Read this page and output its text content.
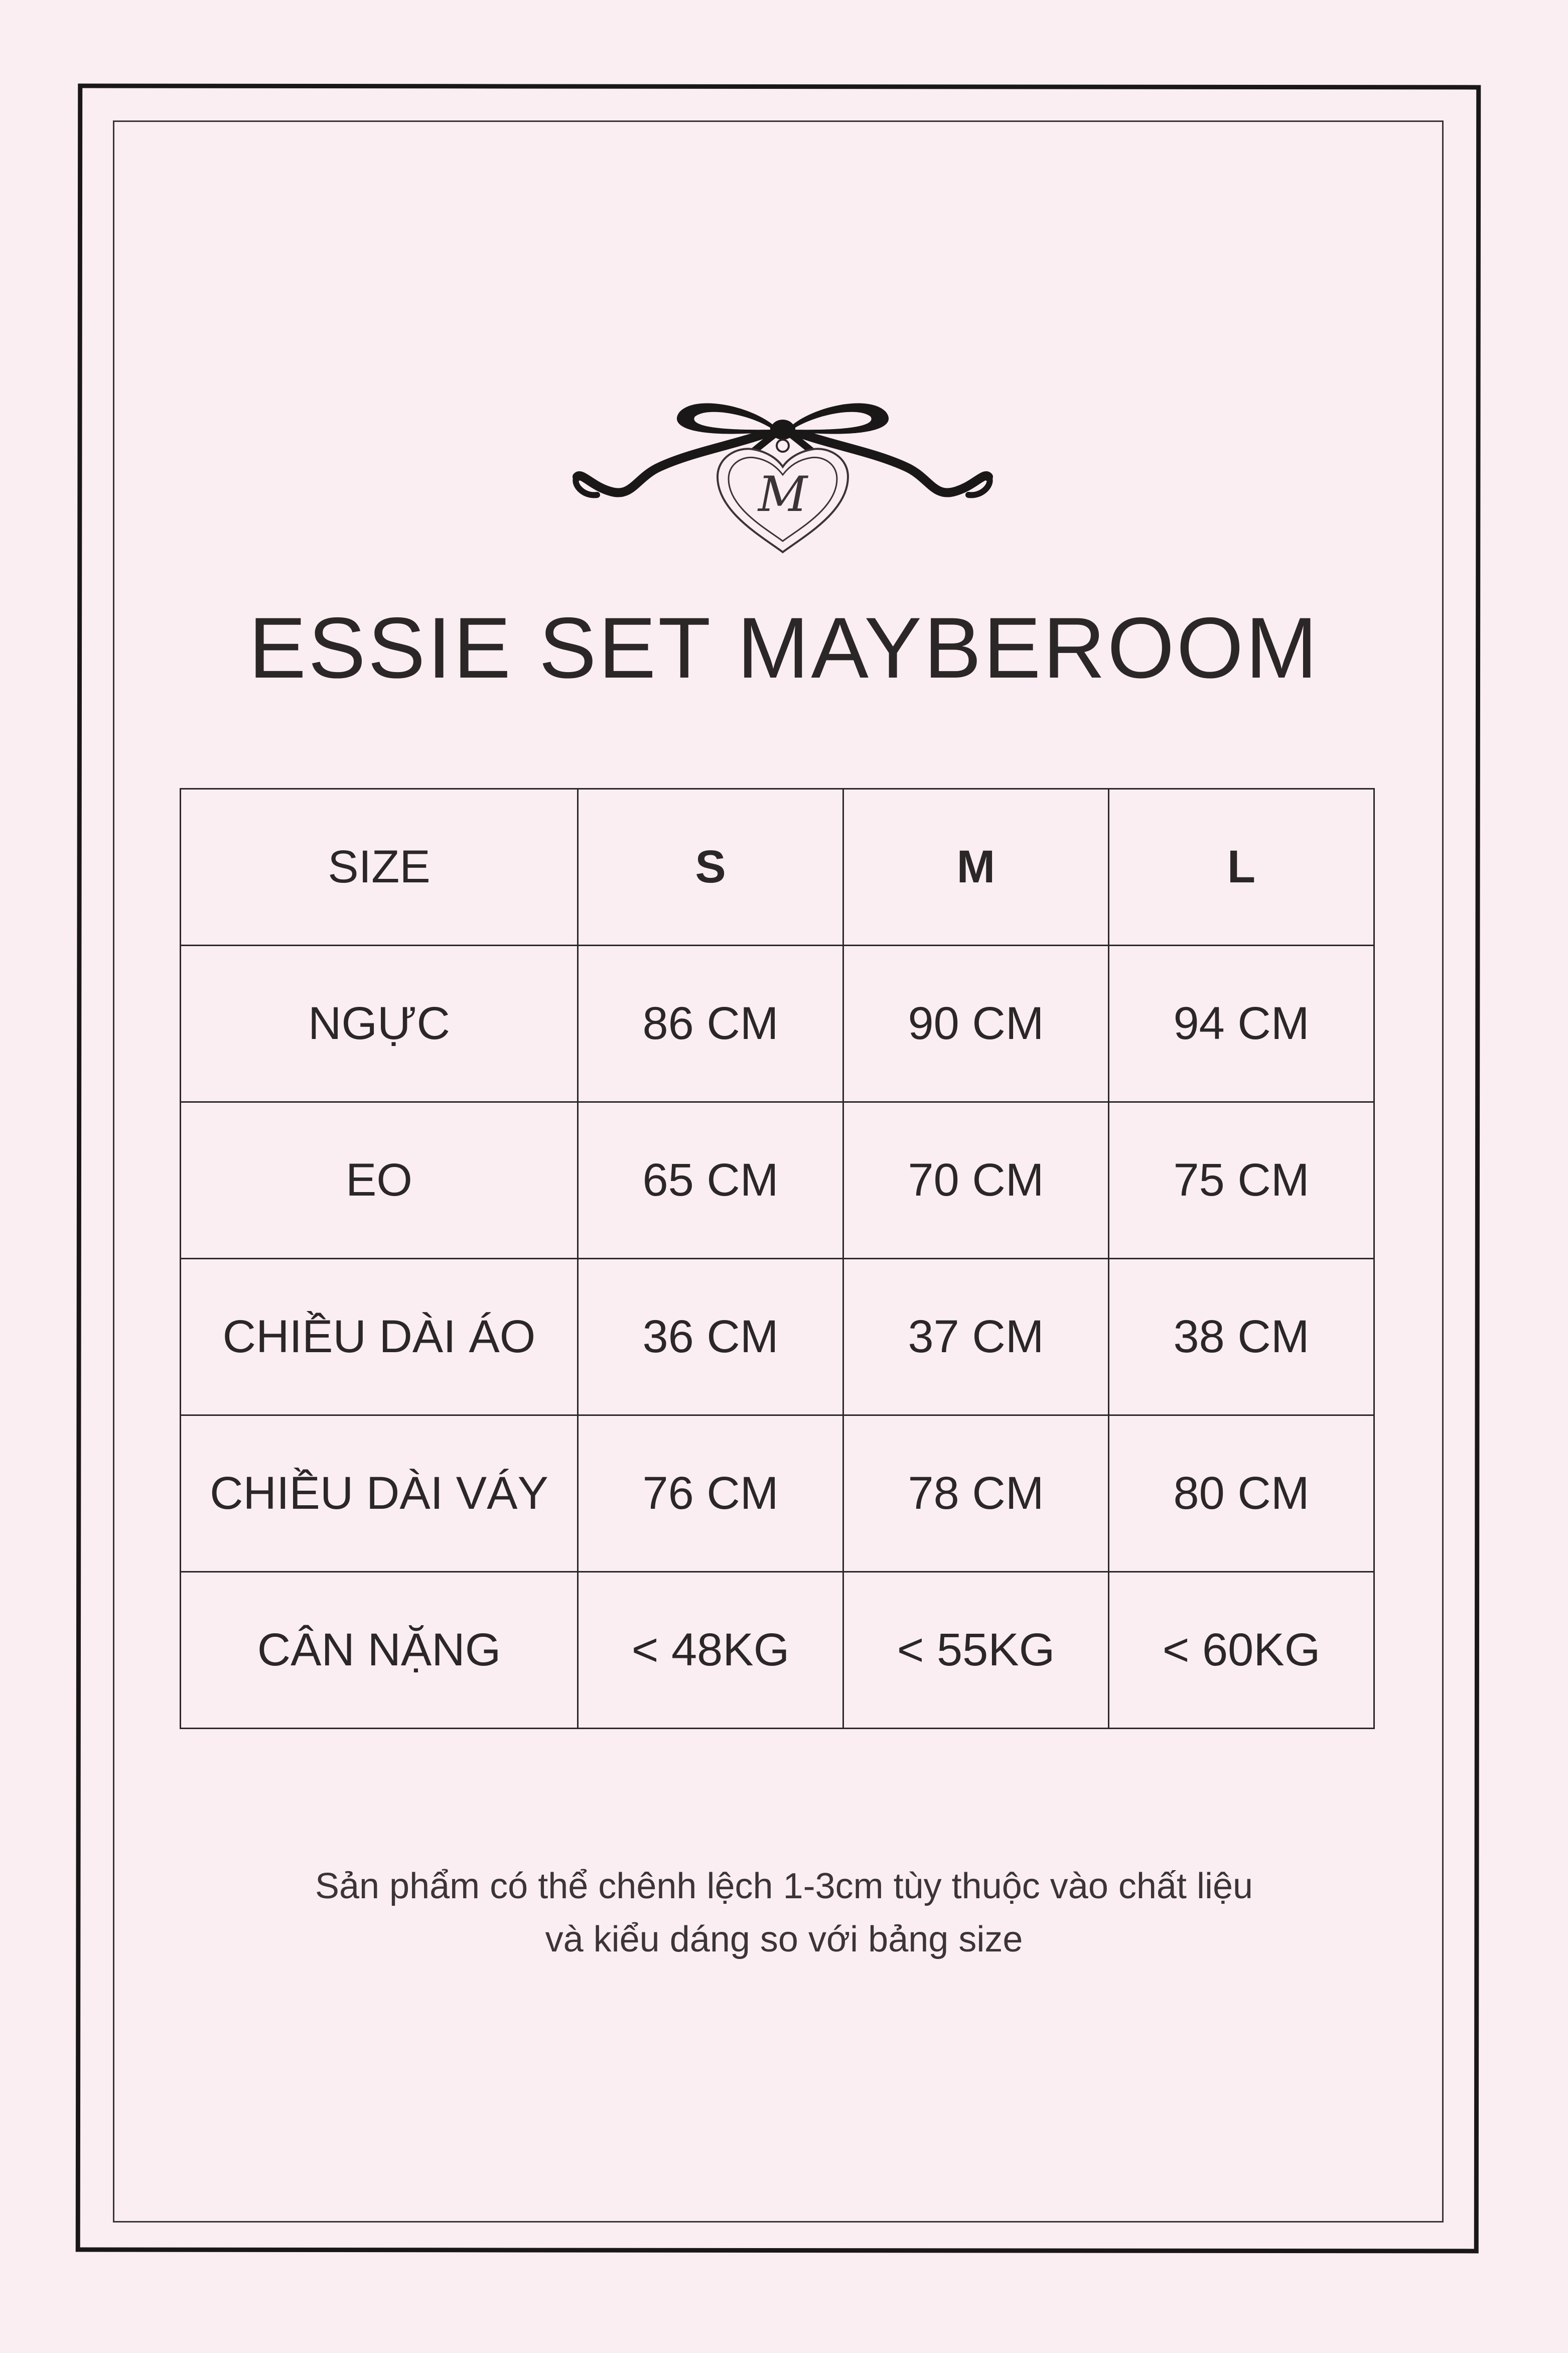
M
ESSIE SET MAYBEROOM
SIZE	S	M	L
NGỰC	86 CM	90 CM	94 CM
EO	65 CM	70 CM	75 CM
CHIỀU DÀI ÁO	36 CM	37 CM	38 CM
CHIỀU DÀI VÁY	76 CM	78 CM	80 CM
CÂN NẶNG	< 48KG	< 55KG	< 60KG
Sản phẩm có thể chênh lệch 1-3cm tùy thuộc vào chất liệu
và kiểu dáng so với bảng size
